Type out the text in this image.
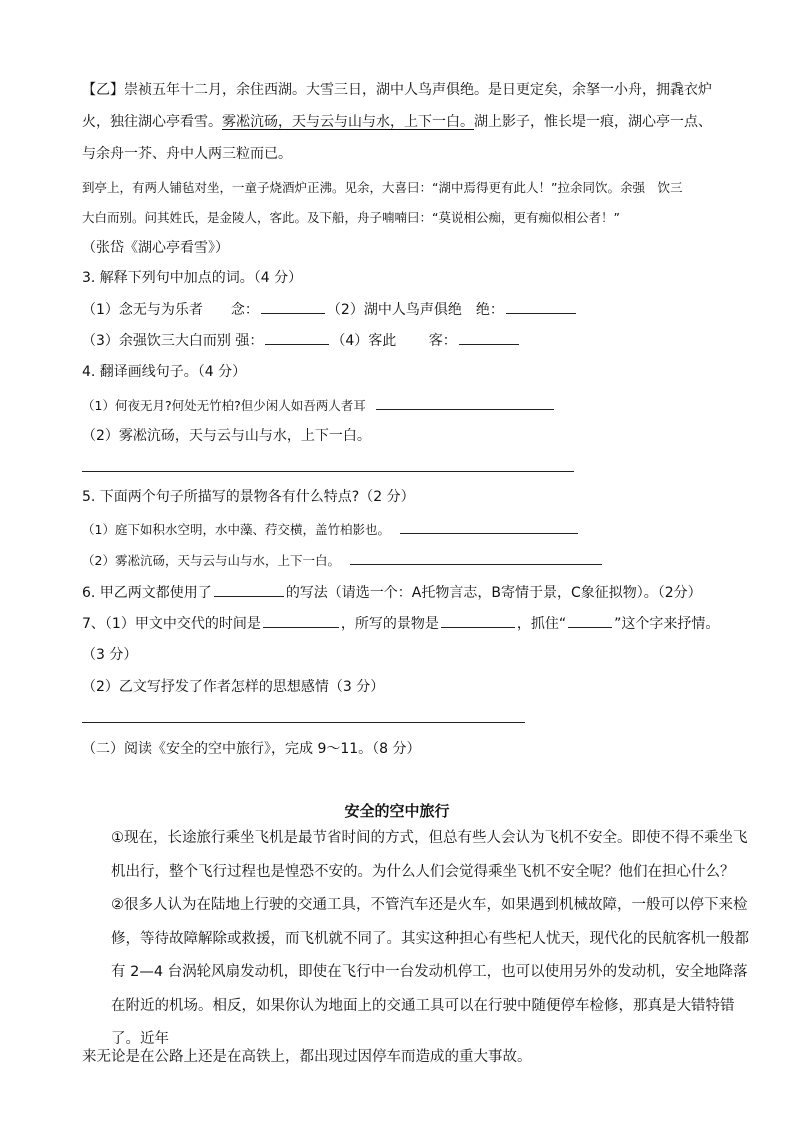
【乙】崇祯五年十二月，余住西湖。大雪三日，湖中人鸟声俱绝。是日更定矣，余拏一小舟，拥毳衣炉
火，独往湖心亭看雪。雾凇沆砀，天与云与山与水，上下一白。湖上影子，惟长堤一痕，湖心亭一点、
与余舟一芥、舟中人两三粒而已。
到亭上，有两人铺毡对坐，一童子烧酒炉正沸。见余，大喜曰：“湖中焉得更有此人！”拉余同饮。余强　饮三
大白而别。问其姓氏，是金陵人，客此。及下船，舟子喃喃曰：“莫说相公痴，更有痴似相公者！”
（张岱《湖心亭看雪》）
3. 解释下列句中加点的词。（4 分）
（1）念无与为乐者　　念：	（2）湖中人鸟声俱绝　绝：
（3）余强饮三大白而别 强：	（4）客此　　 客：
4. 翻译画线句子。（4 分）
（1）何夜无月?何处无竹柏?但少闲人如吾两人者耳
（2）雾凇沆砀，天与云与山与水，上下一白。
5. 下面两个句子所描写的景物各有什么特点?（2 分）
（1）庭下如积水空明，水中藻、荇交横，盖竹柏影也。
（2）雾凇沆砀，天与云与山与水，上下一白。
6. 甲乙两文都使用了	的写法（请选一个：A托物言志，B寄情于景，C象征拟物）。（2分）
7、（1）甲文中交代的时间是	，所写的景物是	，抓住“	”这个字来抒情。
（3 分）
（2）乙文写抒发了作者怎样的思想感情（3 分）
（二）阅读《安全的空中旅行》，完成 9～11。（8 分）
安全的空中旅行
①现在，长途旅行乘坐飞机是最节省时间的方式，但总有些人会认为飞机不安全。即使不得不乘坐飞机出行，整个飞行过程也是惶恐不安的。为什么人们会觉得乘坐飞机不安全呢？他们在担心什么？
②很多人认为在陆地上行驶的交通工具，不管汽车还是火车，如果遇到机械故障，一般可以停下来检修，等待故障解除或救援，而飞机就不同了。其实这种担心有些杞人忧天，现代化的民航客机一般都有 2—4 台涡轮风扇发动机，即使在飞行中一台发动机停工，也可以使用另外的发动机，安全地降落在附近的机场。相反，如果你认为地面上的交通工具可以在行驶中随便停车检修，那真是大错特错了。近年
来无论是在公路上还是在高铁上，都出现过因停车而造成的重大事故。
